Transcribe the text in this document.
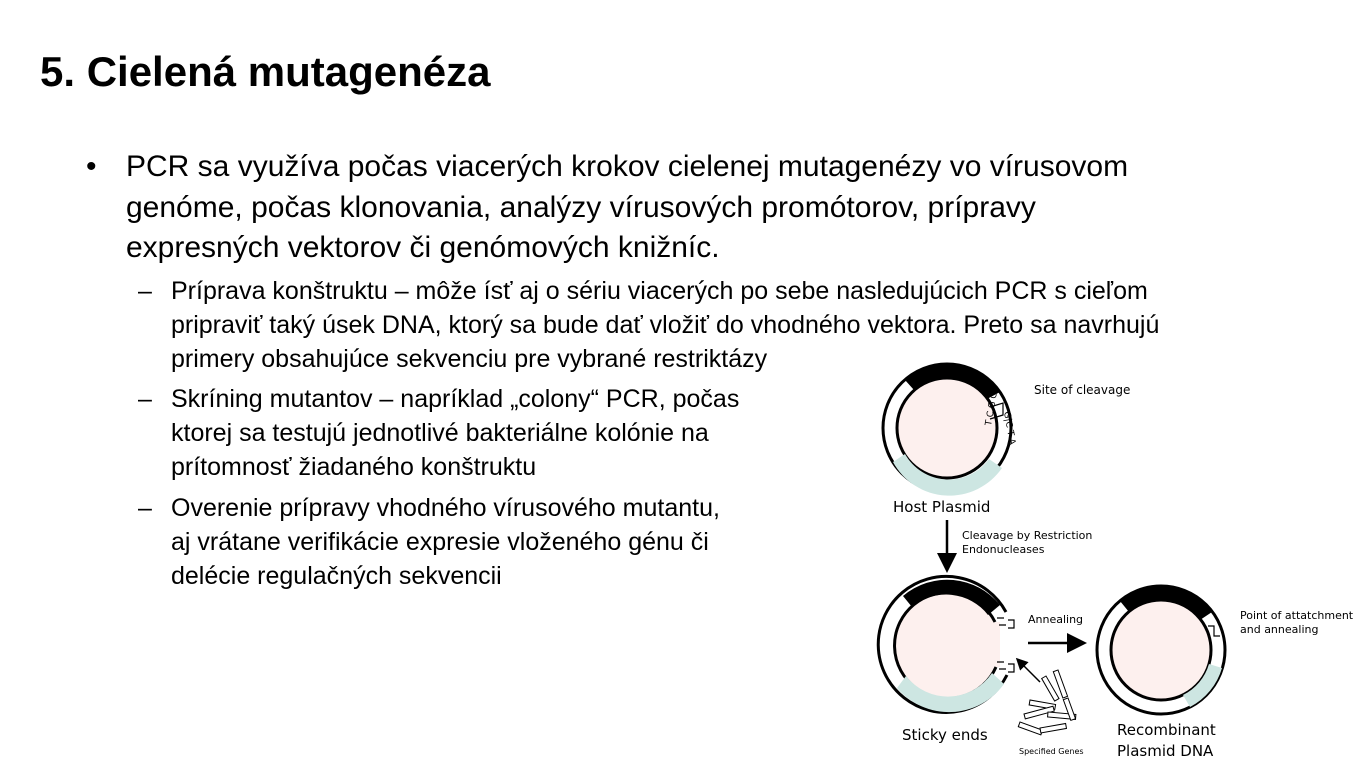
5. Cielená mutagenéza
• PCR sa využíva počas viacerých krokov cielenej mutagenézy vo vírusovom
genóme, počas klonovania, analýzy vírusových promótorov, prípravy
expresných vektorov či genómových knižníc.
– Príprava konštruktu – môže ísť aj o sériu viacerých po sebe nasledujúcich PCR s cieľom
pripraviť taký úsek DNA, ktorý sa bude dať vložiť do vhodného vektora. Preto sa navrhujú
primery obsahujúce sekvenciu pre vybrané restriktázy
– Skríning mutantov – napríklad „colony“ PCR, počas
ktorej sa testujú jednotlivé bakteriálne kolónie na
prítomnosť žiadaného konštruktu
– Overenie prípravy vhodného vírusového mutantu,
aj vrátane verifikácie expresie vloženého génu či
delécie regulačných sekvencii
G|C T A
T C G C
Site of cleavage
Host Plasmid
Cleavage by Restriction
Endonucleases
Sticky ends
Annealing
Specified Genes
Point of attatchment
and annealing
Recombinant
Plasmid DNA
